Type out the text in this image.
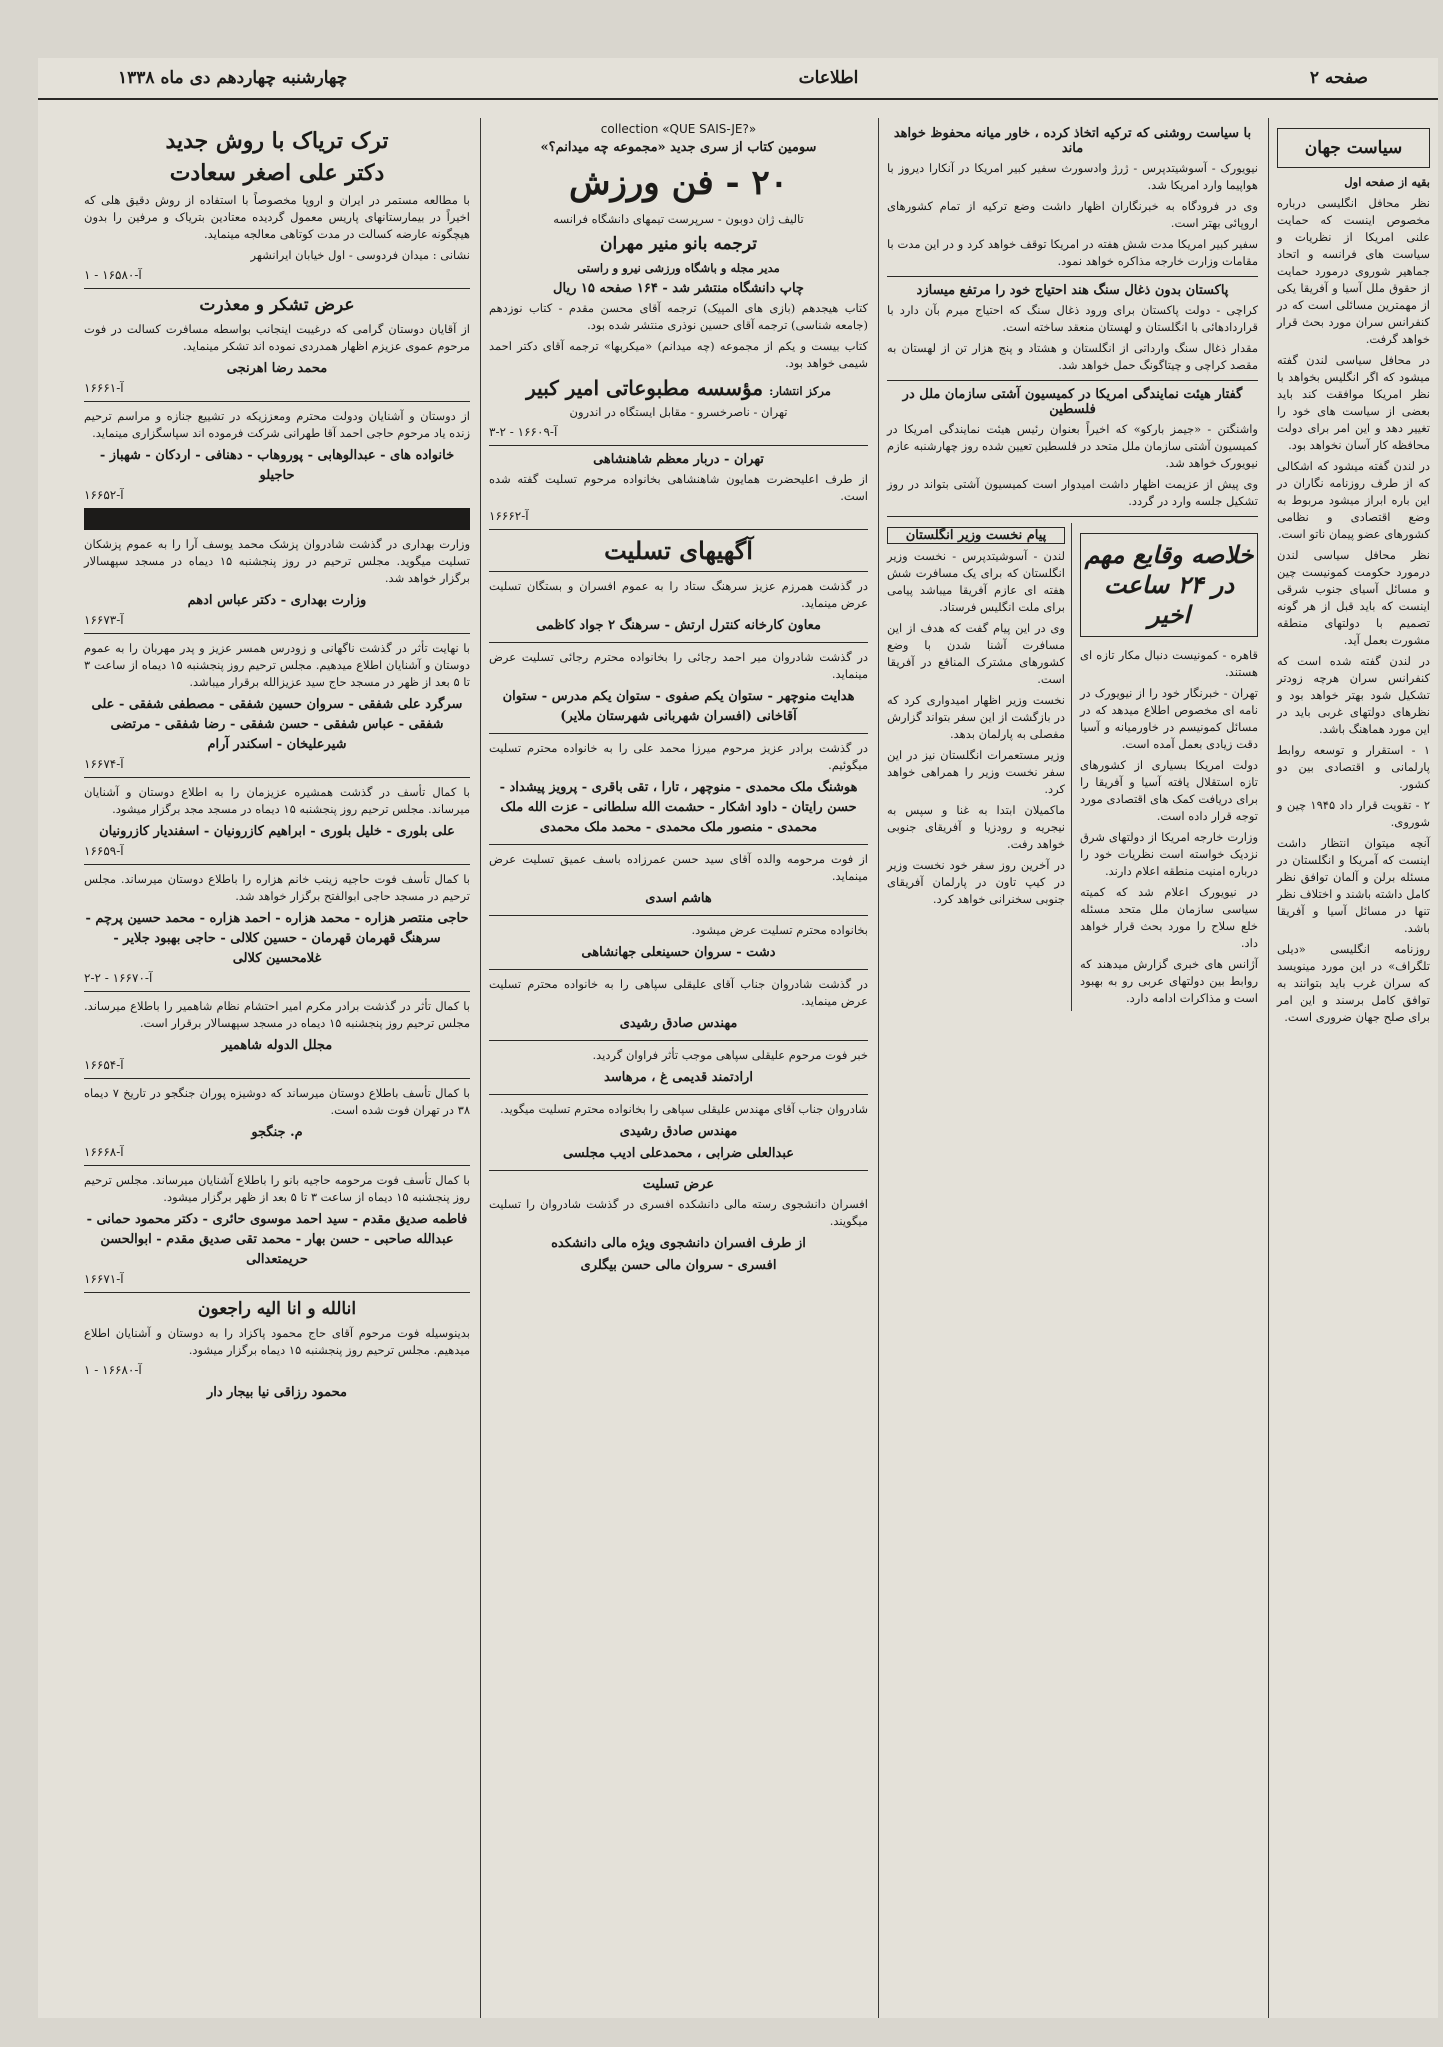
صفحه ۲
اطلاعات
چهارشنبه چهاردهم دی ماه ۱۳۳۸
سیاست جهان
بقیه از صفحه اول

نظر محافل انگلیسی درباره مخصوص اینست که حمایت علنی امریکا از نظریات و سیاست های فرانسه و اتحاد جماهیر شوروی درمورد حمایت از حقوق ملل آسیا و آفریقا یکی از مهمترین مسائلی است که در کنفرانس سران مورد بحث قرار خواهد گرفت.

در محافل سیاسی لندن گفته میشود که اگر انگلیس بخواهد با نظر امریکا موافقت کند باید بعضی از سیاست های خود را تغییر دهد و این امر برای دولت محافظه کار آسان نخواهد بود.

در لندن گفته میشود که اشکالی که از طرف روزنامه نگاران در این باره ابراز میشود مربوط به وضع اقتصادی و نظامی کشورهای عضو پیمان ناتو است.

نظر محافل سیاسی لندن درمورد حکومت کمونیست چین و مسائل آسیای جنوب شرقی اینست که باید قبل از هر گونه تصمیم با دولتهای منطقه مشورت بعمل آید.

در لندن گفته شده است که کنفرانس سران هرچه زودتر تشکیل شود بهتر خواهد بود و نظرهای دولتهای غربی باید در این مورد هماهنگ باشد.

۱ - استقرار و توسعه روابط پارلمانی و اقتصادی بین دو کشور.

۲ - تقویت قرار داد ۱۹۴۵ چین و شوروی.

آنچه میتوان انتظار داشت اینست که آمریکا و انگلستان در مسئله برلن و آلمان توافق نظر کامل داشته باشند و اختلاف نظر تنها در مسائل آسیا و آفریقا باشد.

روزنامه انگلیسی «دیلی تلگراف» در این مورد مینویسد که سران غرب باید بتوانند به توافق کامل برسند و این امر برای صلح جهان ضروری است.

با سیاست روشنی که ترکیه اتخاذ کرده ، خاور میانه محفوظ خواهد ماند

نیویورک - آسوشیتدپرس - ژرژ وادسورث سفیر کبیر امریکا در آنکارا دیروز با هواپیما وارد امریکا شد.

وی در فرودگاه به خبرنگاران اظهار داشت وضع ترکیه از تمام کشورهای اروپائی بهتر است.

سفیر کبیر امریکا مدت شش هفته در امریکا توقف خواهد کرد و در این مدت با مقامات وزارت خارجه مذاکره خواهد نمود.

پاکستان بدون ذغال سنگ هند احتیاج خود را مرتفع میسازد

کراچی - دولت پاکستان برای ورود ذغال سنگ که احتیاج میرم بآن دارد با قراردادهائی با انگلستان و لهستان منعقد ساخته است.

مقدار ذغال سنگ وارداتی از انگلستان و هشتاد و پنج هزار تن از لهستان به مقصد کراچی و چیتاگونگ حمل خواهد شد.

گفتار هیئت نمایندگی امریکا در کمیسیون آشتی سازمان ملل در فلسطین

واشنگتن - «جیمز بارکو» که اخیراً بعنوان رئیس هیئت نمایندگی امریکا در کمیسیون آشتی سازمان ملل متحد در فلسطین تعیین شده روز چهارشنبه عازم نیویورک خواهد شد.

وی پیش از عزیمت اظهار داشت امیدوار است کمیسیون آشتی بتواند در روز تشکیل جلسه وارد در گردد.

خلاصه وقایع مهم در ۲۴ ساعت اخیر

قاهره - کمونیست دنبال مکار تازه ای هستند.

تهران - خبرنگار خود را از نیویورک در نامه ای مخصوص اطلاع میدهد که در مسائل کمونیسم در خاورمیانه و آسیا دقت زیادی بعمل آمده است.

دولت امریکا بسیاری از کشورهای تازه استقلال یافته آسیا و آفریقا را برای دریافت کمک های اقتصادی مورد توجه قرار داده است.

وزارت خارجه امریکا از دولتهای شرق نزدیک خواسته است نظریات خود را درباره امنیت منطقه اعلام دارند.

در نیویورک اعلام شد که کمیته سیاسی سازمان ملل متحد مسئله خلع سلاح را مورد بحث قرار خواهد داد.

آژانس های خبری گزارش میدهند که روابط بین دولتهای عربی رو به بهبود است و مذاکرات ادامه دارد.

پیام نخست وزیر انگلستان

لندن - آسوشیتدپرس - نخست وزیر انگلستان که برای یک مسافرت شش هفته ای عازم آفریقا میباشد پیامی برای ملت انگلیس فرستاد.

وی در این پیام گفت که هدف از این مسافرت آشنا شدن با وضع کشورهای مشترک المنافع در آفریقا است.

نخست وزیر اظهار امیدواری کرد که در بازگشت از این سفر بتواند گزارش مفصلی به پارلمان بدهد.

وزیر مستعمرات انگلستان نیز در این سفر نخست وزیر را همراهی خواهد کرد.

ماکمیلان ابتدا به غنا و سپس به نیجریه و رودزیا و آفریقای جنوبی خواهد رفت.

در آخرین روز سفر خود نخست وزیر در کیپ تاون در پارلمان آفریقای جنوبی سخنرانی خواهد کرد.

collection «QUE SAIS-JE?»
سومین کتاب از سری جدید «مجموعه چه میدانم؟»
۲۰ - فن ورزش
تالیف ژان دوبون - سرپرست تیمهای دانشگاه فرانسه
ترجمه بانو منیر مهران
مدیر مجله و باشگاه ورزشی نیرو و راستی
چاپ دانشگاه منتشر شد - ۱۶۴ صفحه ۱۵ ریال

کتاب هیجدهم (بازی های المپیک) ترجمه آقای محسن مقدم - کتاب نوزدهم (جامعه شناسی) ترجمه آقای حسین نوذری منتشر شده بود.

کتاب بیست و یکم از مجموعه (چه میدانم) «میکربها» ترجمه آقای دکتر احمد شیمی خواهد بود.

مرکز انتشار:
مؤسسه مطبوعاتی امیر کبیر
تهران - ناصرخسرو - مقابل ایستگاه در اندرون
آ-۱۶۶۰۹ - ۲-۳
تهران - دربار معظم شاهنشاهی

از طرف اعلیحضرت همایون شاهنشاهی بخانواده مرحوم تسلیت گفته شده است.

آ-۱۶۶۶۲
آگهیهای تسلیت

در گذشت همرزم عزیز سرهنگ ستاد را به عموم افسران و بستگان تسلیت عرض مینماید.

معاون کارخانه کنترل ارتش - سرهنگ ۲ جواد کاظمی

در گذشت شادروان میر احمد رجائی را بخانواده محترم رجائی تسلیت عرض مینماید.

هدایت منوچهر - ستوان یکم صفوی - ستوان یکم مدرس - ستوان آقاخانی (افسران شهربانی شهرستان ملایر)

در گذشت برادر عزیز مرحوم میرزا محمد علی را به خانواده محترم تسلیت میگوئیم.

هوشنگ ملک محمدی - منوچهر ، تارا ، تقی باقری - پرویز پیشداد - حسن رایتان - داود اشکار - حشمت الله سلطانی - عزت الله ملک محمدی - منصور ملک محمدی - محمد ملک محمدی

از فوت مرحومه والده آقای سید حسن عمرزاده باسف عمیق تسلیت عرض مینماید.

هاشم اسدی

بخانواده محترم تسلیت عرض میشود.

دشت - سروان حسینعلی جهانشاهی

در گذشت شادروان جناب آقای علیقلی سپاهی را به خانواده محترم تسلیت عرض مینماید.

مهندس صادق رشیدی

خبر فوت مرحوم علیقلی سپاهی موجب تأثر فراوان گردید.

ارادتمند قدیمی غ ، مرهاسد

شادروان جناب آقای مهندس علیقلی سپاهی را بخانواده محترم تسلیت میگوید.

مهندس صادق رشیدی
عبدالعلی ضرابی ، محمدعلی ادیب مجلسی
عرض تسلیت

افسران دانشجوی رسته مالی دانشکده افسری در گذشت شادروان را تسلیت میگویند.

از طرف افسران دانشجوی ویژه مالی دانشکده
افسری - سروان مالی حسن بیگلری
ترک تریاک با روش جدید
دکتر علی اصغر سعادت

با مطالعه مستمر در ایران و اروپا مخصوصاً با استفاده از روش دقیق هلی که اخیراً در بیمارستانهای پاریس معمول گردیده معتادین بتریاک و مرفین را بدون هیچگونه عارضه کسالت در مدت کوتاهی معالجه مینماید.

نشانی : میدان فردوسی - اول خیابان ایرانشهر

آ-۱۶۵۸۰ - ۱
عرض تشکر و معذرت

از آقایان دوستان گرامی که درغیبت اینجانب بواسطه مسافرت کسالت در فوت مرحوم عموی عزیزم اظهار همدردی نموده اند تشکر مینماید.

محمد رضا اهرنجی
آ-۱۶۶۶۱

از دوستان و آشنایان ودولت محترم ومعززیکه در تشییع جنازه و مراسم ترحیم زنده یاد مرحوم حاجی احمد آقا طهرانی شرکت فرموده اند سپاسگزاری مینماید.

خانواده های - عبدالوهابی - پوروهاب - دهنافی - اردکان - شهباز - حاجیلو
آ-۱۶۶۵۲

وزارت بهداری در گذشت شادروان پزشک محمد یوسف آرا را به عموم پزشکان تسلیت میگوید. مجلس ترحیم در روز پنجشنبه ۱۵ دیماه در مسجد سپهسالار برگزار خواهد شد.

وزارت بهداری - دکتر عباس ادهم
آ-۱۶۶۷۳

با نهایت تأثر در گذشت ناگهانی و زودرس همسر عزیز و پدر مهربان را به عموم دوستان و آشنایان اطلاع میدهیم. مجلس ترحیم روز پنجشنبه ۱۵ دیماه از ساعت ۳ تا ۵ بعد از ظهر در مسجد حاج سید عزیزالله برقرار میباشد.

سرگرد علی شفقی - سروان حسین شفقی - مصطفی شفقی - علی شفقی - عباس شفقی - حسن شفقی - رضا شفقی - مرتضی شیرعلیخان - اسکندر آرام
آ-۱۶۶۷۴

با کمال تأسف در گذشت همشیره عزیزمان را به اطلاع دوستان و آشنایان میرساند. مجلس ترحیم روز پنجشنبه ۱۵ دیماه در مسجد مجد برگزار میشود.

علی بلوری - خلیل بلوری - ابراهیم کازرونیان - اسفندیار کازرونیان
آ-۱۶۶۵۹

با کمال تأسف فوت حاجیه زینب خانم هزاره را باطلاع دوستان میرساند. مجلس ترحیم در مسجد حاجی ابوالفتح برگزار خواهد شد.

حاجی منتصر هزاره - محمد هزاره - احمد هزاره - محمد حسین پرچم - سرهنگ قهرمان قهرمان - حسین کلالی - حاجی بهبود جلایر - غلامحسین کلالی
آ-۱۶۶۷۰ - ۲-۲

با کمال تأثر در گذشت برادر مکرم امیر احتشام نظام شاهمیر را باطلاع میرساند. مجلس ترحیم روز پنجشنبه ۱۵ دیماه در مسجد سپهسالار برقرار است.

مجلل الدوله شاهمیر
آ-۱۶۶۵۴

با کمال تأسف باطلاع دوستان میرساند که دوشیزه پوران جنگجو در تاریخ ۷ دیماه ۳۸ در تهران فوت شده است.

م. جنگجو
آ-۱۶۶۶۸

با کمال تأسف فوت مرحومه حاجیه بانو را باطلاع آشنایان میرساند. مجلس ترحیم روز پنجشنبه ۱۵ دیماه از ساعت ۳ تا ۵ بعد از ظهر برگزار میشود.

فاطمه صدیق مقدم - سید احمد موسوی حائری - دکتر محمود حمانی - عبدالله صاحبی - حسن بهار - محمد تقی صدیق مقدم - ابوالحسن حریمتعدالی
آ-۱۶۶۷۱
انالله و انا الیه راجعون

بدینوسیله فوت مرحوم آقای حاج محمود پاکزاد را به دوستان و آشنایان اطلاع میدهیم. مجلس ترحیم روز پنجشنبه ۱۵ دیماه برگزار میشود.

آ-۱۶۶۸۰ - ۱
محمود رزاقی نیا بیجار دار
